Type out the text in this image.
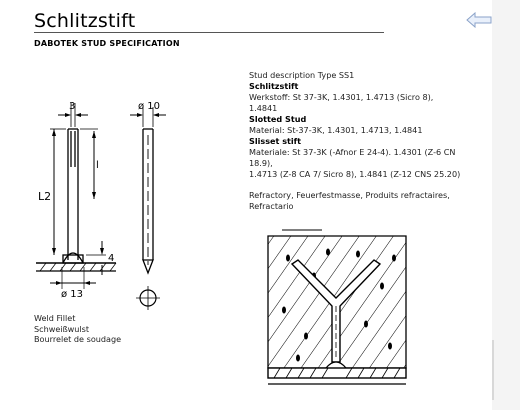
Schlitzstift
DABOTEK STUD SPECIFICATION
3	ø 10
L2
l
4
ø 13
Weld Fillet
Schweißwulst
Bourrelet de soudage
Stud description Type SS1
Schlitzstift
Werkstoff: St 37-3K, 1.4301, 1.4713 (Sicro 8),
1.4841
Slotted Stud
Material: St-37-3K, 1.4301, 1.4713, 1.4841
Slisset stift
Materiale: St 37-3K (-Afnor E 24-4). 1.4301 (Z-6 CN
18.9),
1.4713 (Z-8 CA 7/ Sicro 8), 1.4841 (Z-12 CNS 25.20)
Refractory, Feuerfestmasse, Produits refractaires,
Refractario
